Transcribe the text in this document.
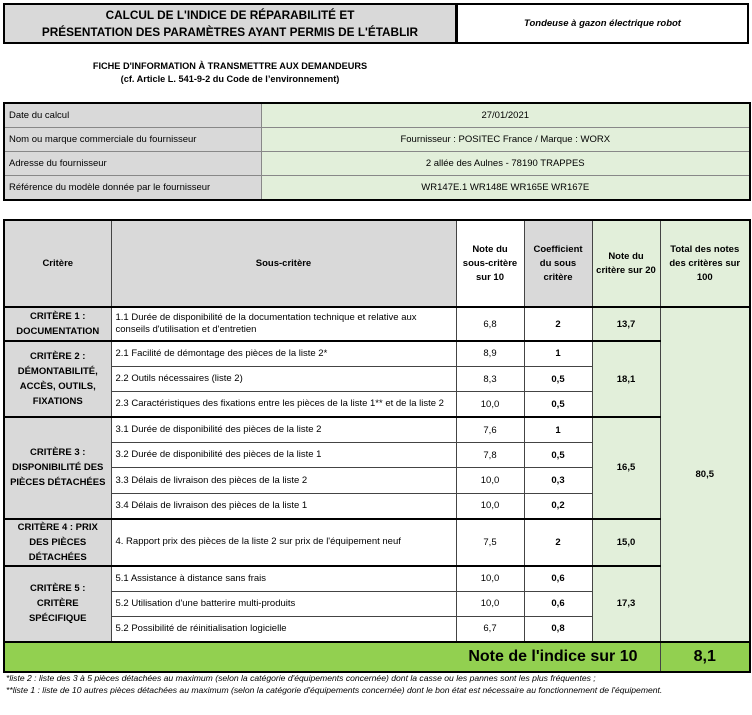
CALCUL DE L'INDICE DE RÉPARABILITÉ ET
PRÉSENTATION DES PARAMÈTRES AYANT PERMIS DE L'ÉTABLIR
Tondeuse à gazon électrique robot
FICHE D'INFORMATION À TRANSMETTRE AUX DEMANDEURS
(cf. Article L. 541-9-2 du Code de l’environnement)
Date du calcul	27/01/2021

Nom ou marque commerciale du fournisseur	Fournisseur : POSITEC France / Marque : WORX

Adresse du fournisseur	2 allée des Aulnes - 78190 TRAPPES

Référence du modèle donnée par le fournisseur	WR147E.1 WR148E WR165E WR167E
Critère	Sous-critère	Note du sous-critère sur 10	Coefficient du sous critère	Note du critère sur 20	Total des notes des critères sur 100

CRITÈRE 1 : DOCUMENTATION	1.1 Durée de disponibilité de la documentation technique et relative aux conseils d'utilisation et d'entretien	6,8	2	13,7	80,5

CRITÈRE 2 : DÉMONTABILITÉ, ACCÈS, OUTILS, FIXATIONS	2.1 Facilité de démontage des pièces de la liste 2*	8,9	1	18,1	

2.2 Outils nécessaires (liste 2)	8,3	0,5		

2.3 Caractéristiques des fixations entre les pièces de la liste 1** et de la liste 2	10,0	0,5		

CRITÈRE 3 : DISPONIBILITÉ DES PIÈCES DÉTACHÉES	3.1 Durée de disponibilité des pièces de la liste 2	7,6	1	16,5	

3.2 Durée de disponibilité des pièces de la liste 1	7,8	0,5		

3.3 Délais de livraison des pièces de la liste 2	10,0	0,3		

3.4 Délais de livraison des pièces de la liste 1	10,0	0,2		

CRITÈRE 4 : PRIX DES PIÈCES DÉTACHÉES	4. Rapport prix des pièces de la liste 2 sur prix de l'équipement neuf	7,5	2	15,0	

CRITÈRE 5 : CRITÈRE SPÉCIFIQUE	5.1 Assistance à distance sans frais	10,0	0,6	17,3	

5.2 Utilisation d'une batterire multi-produits	10,0	0,6		

5.2 Possibilité de réinitialisation logicielle	6,7	0,8		

Note de l'indice sur 10					8,1
*liste 2 : liste des 3 à 5 pièces détachées au maximum (selon la catégorie d'équipements concernée) dont la casse ou les pannes sont les plus fréquentes ;
**liste 1 : liste de 10 autres pièces détachées au maximum (selon la catégorie d'équipements concernée) dont le bon état est nécessaire au fonctionnement de l'équipement.
